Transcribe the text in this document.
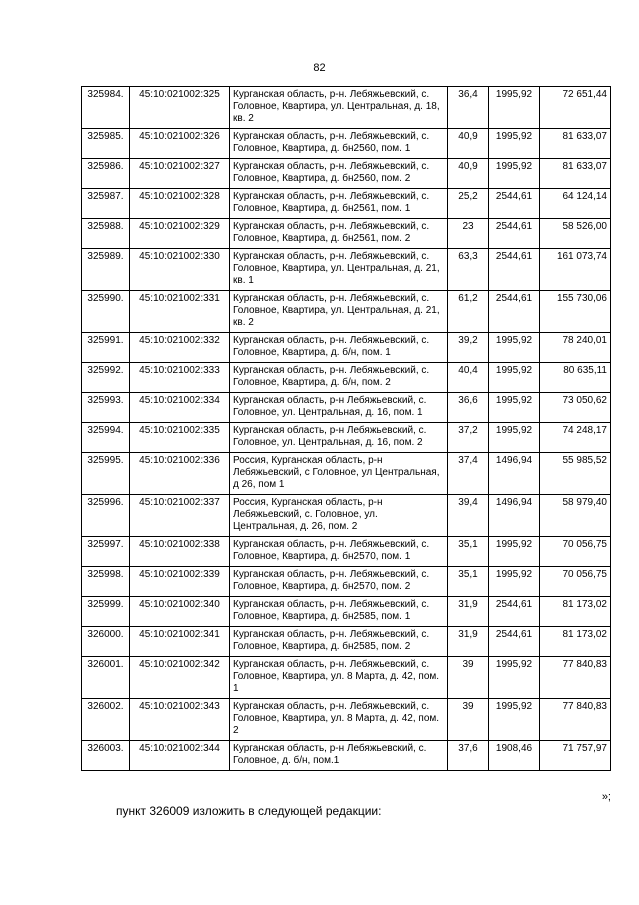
82
325984.	45:10:021002:325	Курганская область, р-н. Лебяжьевский, с. Головное, Квартира, ул. Центральная, д. 18, кв. 2	36,4	1995,92	72 651,44
325985.	45:10:021002:326	Курганская область, р-н. Лебяжьевский, с. Головное, Квартира, д. бн2560, пом. 1	40,9	1995,92	81 633,07
325986.	45:10:021002:327	Курганская область, р-н. Лебяжьевский, с. Головное, Квартира, д. бн2560, пом. 2	40,9	1995,92	81 633,07
325987.	45:10:021002:328	Курганская область, р-н. Лебяжьевский, с. Головное, Квартира, д. бн2561, пом. 1	25,2	2544,61	64 124,14
325988.	45:10:021002:329	Курганская область, р-н. Лебяжьевский, с. Головное, Квартира, д. бн2561, пом. 2	23	2544,61	58 526,00
325989.	45:10:021002:330	Курганская область, р-н. Лебяжьевский, с. Головное, Квартира, ул. Центральная, д. 21, кв. 1	63,3	2544,61	161 073,74
325990.	45:10:021002:331	Курганская область, р-н. Лебяжьевский, с. Головное, Квартира, ул. Центральная, д. 21, кв. 2	61,2	2544,61	155 730,06
325991.	45:10:021002:332	Курганская область, р-н. Лебяжьевский, с. Головное, Квартира, д. б/н, пом. 1	39,2	1995,92	78 240,01
325992.	45:10:021002:333	Курганская область, р-н. Лебяжьевский, с. Головное, Квартира, д. б/н, пом. 2	40,4	1995,92	80 635,11
325993.	45:10:021002:334	Курганская область, р-н Лебяжьевский, с. Головное, ул. Центральная, д. 16, пом. 1	36,6	1995,92	73 050,62
325994.	45:10:021002:335	Курганская область, р-н Лебяжьевский, с. Головное, ул. Центральная, д. 16, пом. 2	37,2	1995,92	74 248,17
325995.	45:10:021002:336	Россия, Курганская область, р-н Лебяжьевский, с Головное, ул Центральная, д 26, пом 1	37,4	1496,94	55 985,52
325996.	45:10:021002:337	Россия, Курганская область, р-н Лебяжьевский, с. Головное, ул. Центральная, д. 26, пом. 2	39,4	1496,94	58 979,40
325997.	45:10:021002:338	Курганская область, р-н. Лебяжьевский, с. Головное, Квартира, д. бн2570, пом. 1	35,1	1995,92	70 056,75
325998.	45:10:021002:339	Курганская область, р-н. Лебяжьевский, с. Головное, Квартира, д. бн2570, пом. 2	35,1	1995,92	70 056,75
325999.	45:10:021002:340	Курганская область, р-н. Лебяжьевский, с. Головное, Квартира, д. бн2585, пом. 1	31,9	2544,61	81 173,02
326000.	45:10:021002:341	Курганская область, р-н. Лебяжьевский, с. Головное, Квартира, д. бн2585, пом. 2	31,9	2544,61	81 173,02
326001.	45:10:021002:342	Курганская область, р-н. Лебяжьевский, с. Головное, Квартира, ул. 8 Марта, д. 42, пом. 1	39	1995,92	77 840,83
326002.	45:10:021002:343	Курганская область, р-н. Лебяжьевский, с. Головное, Квартира, ул. 8 Марта, д. 42, пом. 2	39	1995,92	77 840,83
326003.	45:10:021002:344	Курганская область, р-н Лебяжьевский, с. Головное, д. б/н, пом.1	37,6	1908,46	71 757,97
»;
пункт 326009 изложить в следующей редакции:
